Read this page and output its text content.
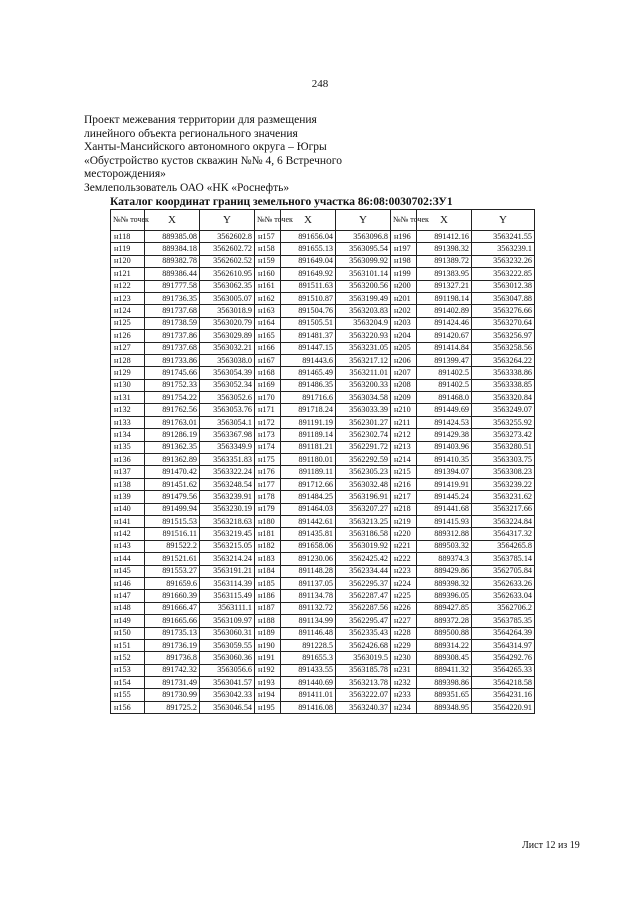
248
Проект межевания территории для размещения
линейного объекта регионального значения
Ханты-Мансийского автономного округа – Югры
«Обустройство кустов скважин №№ 4, 6 Встречного
месторождения»
Землепользователь ОАО «НК «Роснефть»
Каталог координат границ земельного участка 86:08:0030702:ЗУ1
№№ точек	X	Y	№№ точек	X	Y	№№ точек	X	Y
н118	889385.08	3562602.8	н157	891656.04	3563096.8	н196	891412.16	3563241.55
н119	889384.18	3562602.72	н158	891655.13	3563095.54	н197	891398.32	3563239.1
н120	889382.78	3562602.52	н159	891649.04	3563099.92	н198	891389.72	3563232.26
н121	889386.44	3562610.95	н160	891649.92	3563101.14	н199	891383.95	3563222.85
н122	891777.58	3563062.35	н161	891511.63	3563200.56	н200	891327.21	3563012.38
н123	891736.35	3563005.07	н162	891510.87	3563199.49	н201	891198.14	3563047.88
н124	891737.68	3563018.9	н163	891504.76	3563203.83	н202	891402.89	3563276.66
н125	891738.59	3563020.79	н164	891505.51	3563204.9	н203	891424.46	3563270.64
н126	891737.86	3563029.89	н165	891481.37	3563220.93	н204	891420.67	3563256.97
н127	891737.68	3563032.21	н166	891447.15	3563231.05	н205	891414.84	3563258.56
н128	891733.86	3563038.0	н167	891443.6	3563217.12	н206	891399.47	3563264.22
н129	891745.66	3563054.39	н168	891465.49	3563211.01	н207	891402.5	3563338.86
н130	891752.33	3563052.34	н169	891486.35	3563200.33	н208	891402.5	3563338.85
н131	891754.22	3563052.6	н170	891716.6	3563034.58	н209	891468.0	3563320.84
н132	891762.56	3563053.76	н171	891718.24	3563033.39	н210	891449.69	3563249.07
н133	891763.01	3563054.1	н172	891191.19	3562301.27	н211	891424.53	3563255.92
н134	891286.19	3563367.98	н173	891189.14	3562302.74	н212	891429.38	3563273.42
н135	891362.35	3563349.9	н174	891181.21	3562291.72	н213	891403.96	3563280.51
н136	891362.89	3563351.83	н175	891180.01	3562292.59	н214	891410.35	3563303.75
н137	891470.42	3563322.24	н176	891189.11	3562305.23	н215	891394.07	3563308.23
н138	891451.62	3563248.54	н177	891712.66	3563032.48	н216	891419.91	3563239.22
н139	891479.56	3563239.91	н178	891484.25	3563196.91	н217	891445.24	3563231.62
н140	891499.94	3563230.19	н179	891464.03	3563207.27	н218	891441.68	3563217.66
н141	891515.53	3563218.63	н180	891442.61	3563213.25	н219	891415.93	3563224.84
н142	891516.11	3563219.45	н181	891435.81	3563186.58	н220	889312.88	3564317.32
н143	891522.2	3563215.05	н182	891658.06	3563019.92	н221	889503.32	3564265.8
н144	891521.61	3563214.24	н183	891230.06	3562425.42	н222	889374.3	3563785.14
н145	891553.27	3563191.21	н184	891148.28	3562334.44	н223	889429.86	3562705.84
н146	891659.6	3563114.39	н185	891137.05	3562295.37	н224	889398.32	3562633.26
н147	891660.39	3563115.49	н186	891134.78	3562287.47	н225	889396.05	3562633.04
н148	891666.47	3563111.1	н187	891132.72	3562287.56	н226	889427.85	3562706.2
н149	891665.66	3563109.97	н188	891134.99	3562295.47	н227	889372.28	3563785.35
н150	891735.13	3563060.31	н189	891146.48	3562335.43	н228	889500.88	3564264.39
н151	891736.19	3563059.55	н190	891228.5	3562426.68	н229	889314.22	3564314.97
н152	891736.8	3563060.36	н191	891655.3	3563019.5	н230	889308.45	3564292.76
н153	891742.32	3563056.6	н192	891433.55	3563185.78	н231	889411.32	3564265.33
н154	891731.49	3563041.57	н193	891440.69	3563213.78	н232	889398.86	3564218.58
н155	891730.99	3563042.33	н194	891411.01	3563222.07	н233	889351.65	3564231.16
н156	891725.2	3563046.54	н195	891416.08	3563240.37	н234	889348.95	3564220.91
Лист 12 из 19
